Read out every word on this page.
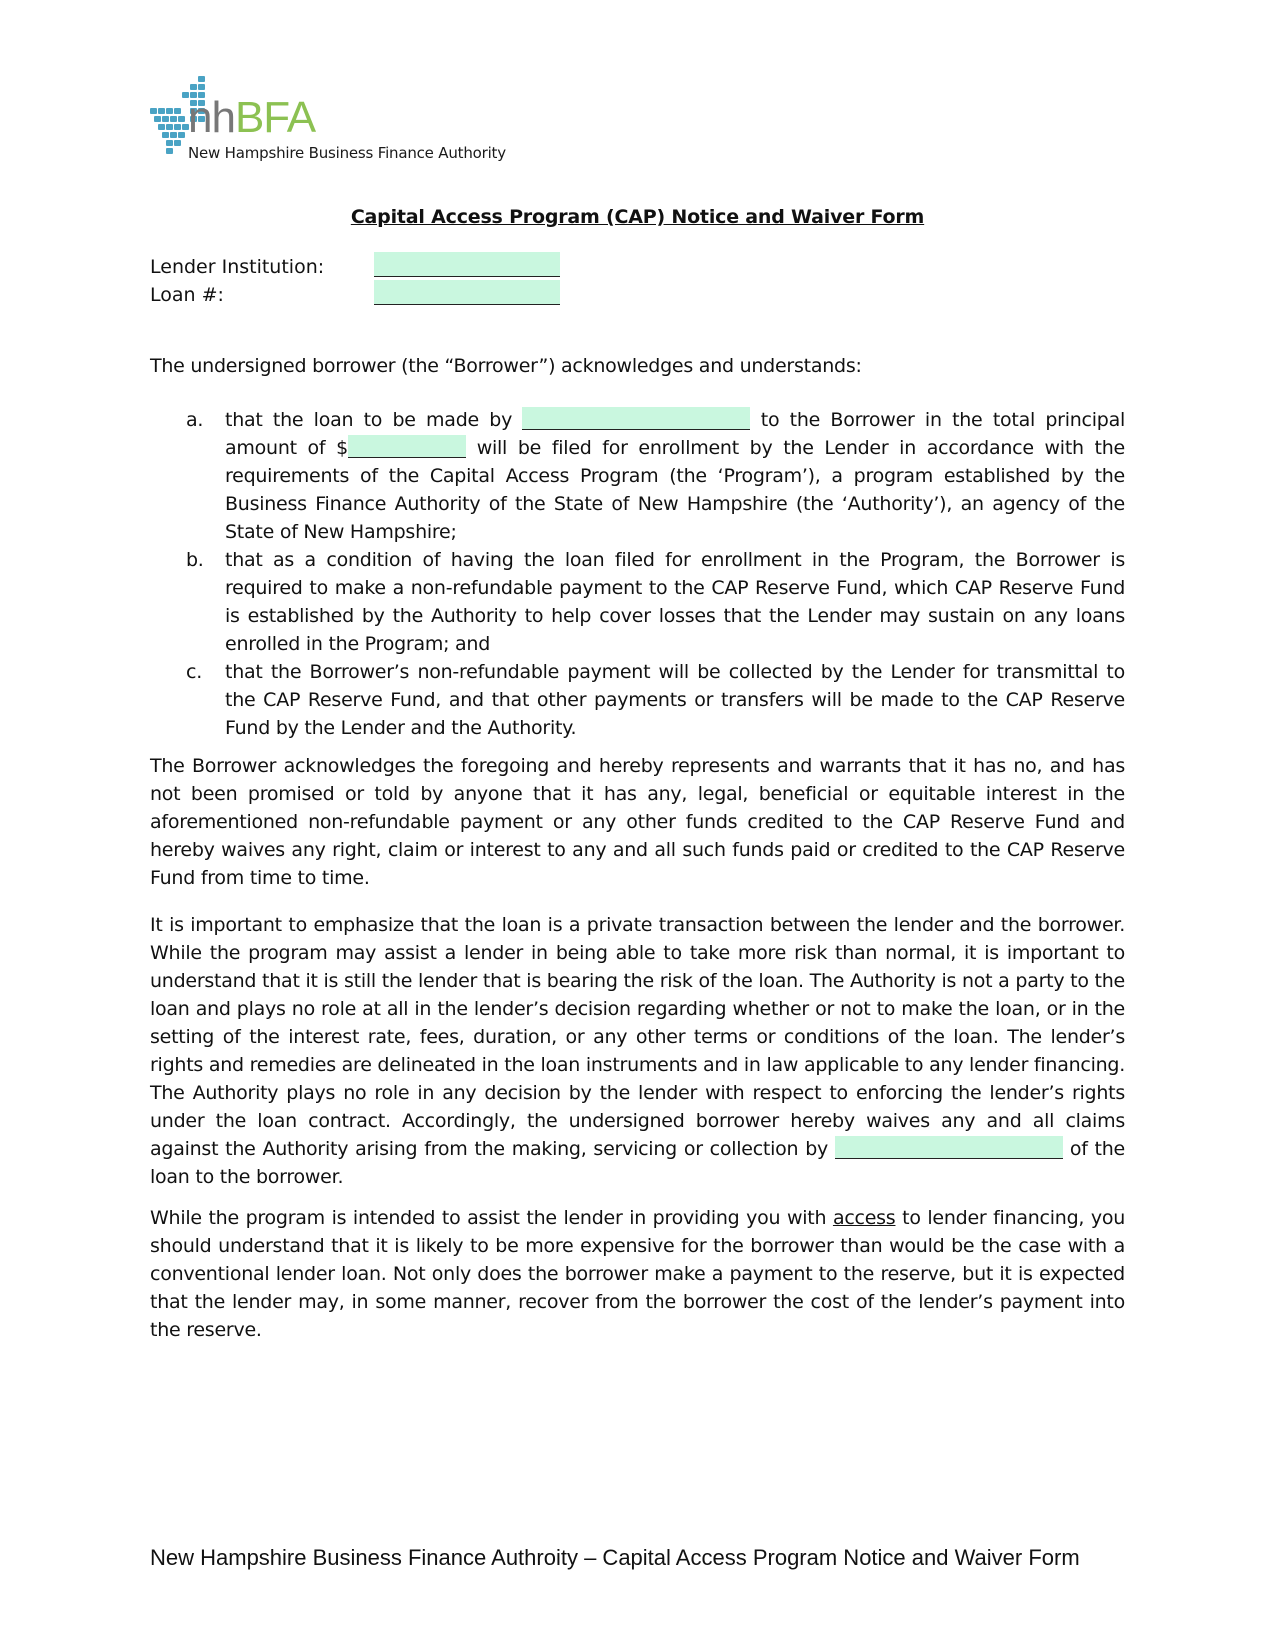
nhBFA
New Hampshire Business Finance Authority
Capital Access Program (CAP) Notice and Waiver Form
Lender Institution:
Loan #:
The undersigned borrower (the “Borrower”) acknowledges and understands:
a. that the loan to be made by	to the Borrower in the total principal amount of $	will be filed for enrollment by the Lender in accordance with the requirements of the Capital Access Program (the ‘Program’), a program established by the Business Finance Authority of the State of New Hampshire (the ‘Authority’), an agency of the State of New Hampshire;
b. that as a condition of having the loan filed for enrollment in the Program, the Borrower is required to make a non-refundable payment to the CAP Reserve Fund, which CAP Reserve Fund is established by the Authority to help cover losses that the Lender may sustain on any loans enrolled in the Program; and
c. that the Borrower’s non-refundable payment will be collected by the Lender for transmittal to the CAP Reserve Fund, and that other payments or transfers will be made to the CAP Reserve Fund by the Lender and the Authority.
The Borrower acknowledges the foregoing and hereby represents and warrants that it has no, and has not been promised or told by anyone that it has any, legal, beneficial or equitable interest in the aforementioned non-refundable payment or any other funds credited to the CAP Reserve Fund and hereby waives any right, claim or interest to any and all such funds paid or credited to the CAP Reserve Fund from time to time.
It is important to emphasize that the loan is a private transaction between the lender and the borrower. While the program may assist a lender in being able to take more risk than normal, it is important to understand that it is still the lender that is bearing the risk of the loan. The Authority is not a party to the loan and plays no role at all in the lender’s decision regarding whether or not to make the loan, or in the setting of the interest rate, fees, duration, or any other terms or conditions of the loan. The lender’s rights and remedies are delineated in the loan instruments and in law applicable to any lender financing. The Authority plays no role in any decision by the lender with respect to enforcing the lender’s rights under the loan contract. Accordingly, the undersigned borrower hereby waives any and all claims against the Authority arising from the making, servicing or collection by	of the loan to the borrower.
While the program is intended to assist the lender in providing you with access to lender financing, you should understand that it is likely to be more expensive for the borrower than would be the case with a conventional lender loan. Not only does the borrower make a payment to the reserve, but it is expected that the lender may, in some manner, recover from the borrower the cost of the lender’s payment into the reserve.
New Hampshire Business Finance Authroity – Capital Access Program Notice and Waiver Form
